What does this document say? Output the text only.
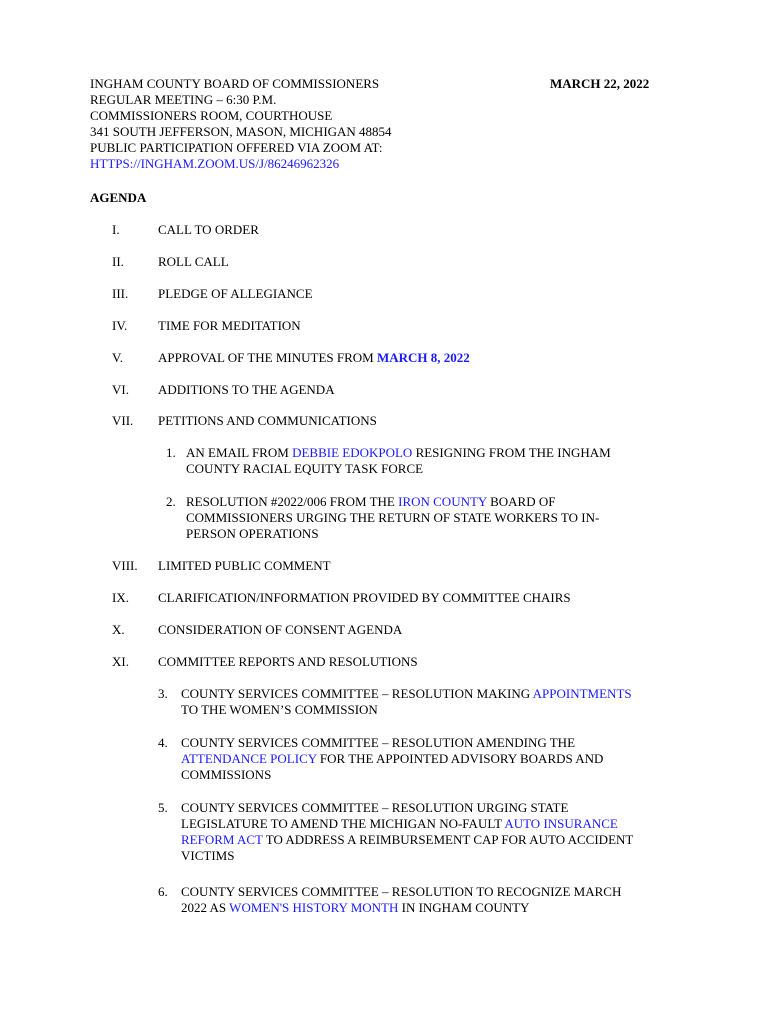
INGHAM COUNTY BOARD OF COMMISSIONERS
REGULAR MEETING – 6:30 P.M.
COMMISSIONERS ROOM, COURTHOUSE
341 SOUTH JEFFERSON, MASON, MICHIGAN 48854
PUBLIC PARTICIPATION OFFERED VIA ZOOM AT:
HTTPS://INGHAM.ZOOM.US/J/86246962326
MARCH 22, 2022
AGENDA
I.	CALL TO ORDER
II.	ROLL CALL
III. PLEDGE OF ALLEGIANCE
IV. TIME FOR MEDITATION
V.	APPROVAL OF THE MINUTES FROM MARCH 8, 2022
VI. ADDITIONS TO THE AGENDA
VII. PETITIONS AND COMMUNICATIONS
1. AN EMAIL FROM DEBBIE EDOKPOLO RESIGNING FROM THE INGHAM
COUNTY RACIAL EQUITY TASK FORCE
2. RESOLUTION #2022/006 FROM THE IRON COUNTY BOARD OF
COMMISSIONERS URGING THE RETURN OF STATE WORKERS TO IN-
PERSON OPERATIONS
VIII. LIMITED PUBLIC COMMENT
IX. CLARIFICATION/INFORMATION PROVIDED BY COMMITTEE CHAIRS
X.	CONSIDERATION OF CONSENT AGENDA
XI. COMMITTEE REPORTS AND RESOLUTIONS
3. COUNTY SERVICES COMMITTEE – RESOLUTION MAKING APPOINTMENTS
TO THE WOMEN’S COMMISSION
4. COUNTY SERVICES COMMITTEE – RESOLUTION AMENDING THE
ATTENDANCE POLICY FOR THE APPOINTED ADVISORY BOARDS AND
COMMISSIONS
5. COUNTY SERVICES COMMITTEE – RESOLUTION URGING STATE
LEGISLATURE TO AMEND THE MICHIGAN NO-FAULT AUTO INSURANCE
REFORM ACT TO ADDRESS A REIMBURSEMENT CAP FOR AUTO ACCIDENT
VICTIMS
6. COUNTY SERVICES COMMITTEE – RESOLUTION TO RECOGNIZE MARCH
2022 AS WOMEN'S HISTORY MONTH IN INGHAM COUNTY
